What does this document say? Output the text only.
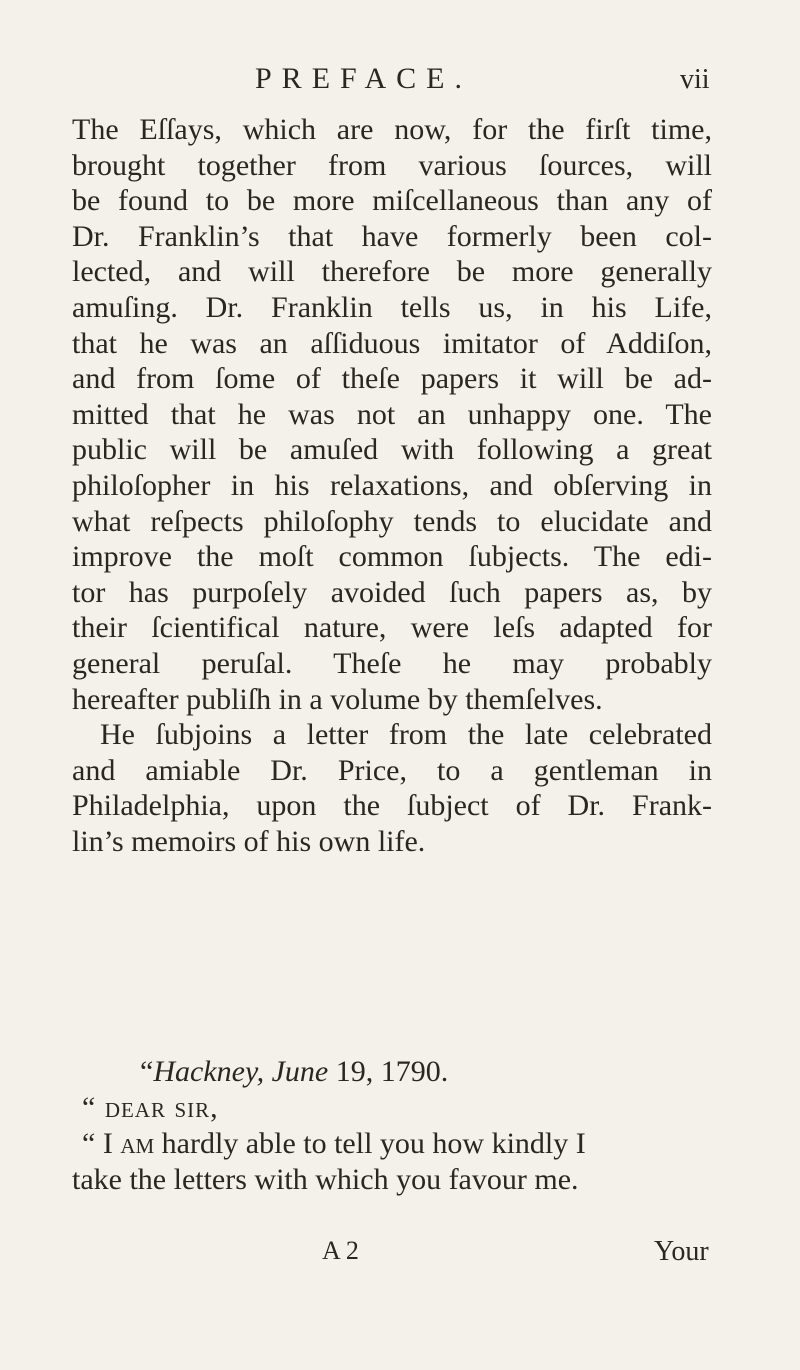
PREFACE.	vii
The Eſſays, which are now, for the firſt time,
brought together from various ſources, will
be found to be more miſcellaneous than any of
Dr. Franklin’s that have formerly been col-
lected, and will therefore be more generally
amuſing. Dr. Franklin tells us, in his Life,
that he was an aſſiduous imitator of Addiſon,
and from ſome of theſe papers it will be ad-
mitted that he was not an unhappy one. The
public will be amuſed with following a great
philoſopher in his relaxations, and obſerving in
what reſpects philoſophy tends to elucidate and
improve the moſt common ſubjects. The edi-
tor has purpoſely avoided ſuch papers as, by
their ſcientifical nature, were leſs adapted for
general peruſal. Theſe he may probably
hereafter publiſh in a volume by themſelves.
He ſubjoins a letter from the late celebrated
and amiable Dr. Price, to a gentleman in
Philadelphia, upon the ſubject of Dr. Frank-
lin’s memoirs of his own life.
“Hackney, June 19, 1790.
“ dear sir,
“ I am hardly able to tell you how kindly I
take the letters with which you favour me.
A 2	Your
